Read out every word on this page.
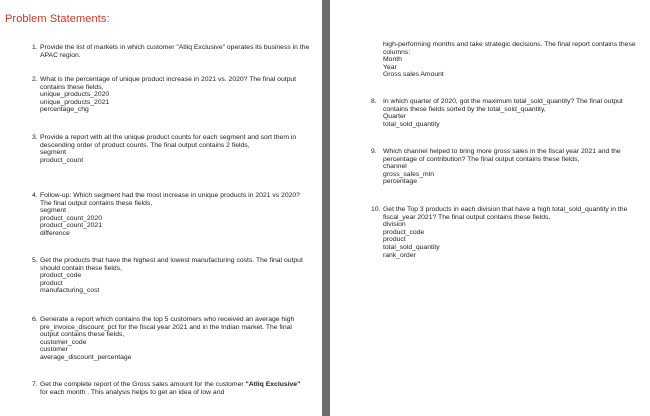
Problem Statements:
1. Provide the list of markets in which customer "Atliq Exclusive" operates its business in the APAC region.
2. What is the percentage of unique product increase in 2021 vs. 2020? The final output contains these fields,
unique_products_2020
unique_products_2021
percentage_chg
3. Provide a report with all the unique product counts for each segment and sort them in descending order of product counts. The final output contains 2 fields,
segment
product_count
4. Follow-up: Which segment had the most increase in unique products in 2021 vs 2020? The final output contains these fields,
segment
product_count_2020
product_count_2021
difference
5. Get the products that have the highest and lowest manufacturing costs. The final output should contain these fields,
product_code
product
manufacturing_cost
6. Generate a report which contains the top 5 customers who received an average high pre_invoice_discount_pct for the fiscal year 2021 and in the Indian market. The final output contains these fields,
customer_code
customer
average_discount_percentage
7. Get the complete report of the Gross sales amount for the customer "Atliq Exclusive" for each month . This analysis helps to get an idea of low and
high-performing months and take strategic decisions. The final report contains these columns:
Month
Year
Gross sales Amount
8. In which quarter of 2020, got the maximum total_sold_quantity? The final output contains these fields sorted by the total_sold_quantity,
Quarter
total_sold_quantity
9. Which channel helped to bring more gross sales in the fiscal year 2021 and the percentage of contribution? The final output contains these fields,
channel
gross_sales_mln
percentage
10. Get the Top 3 products in each division that have a high total_sold_quantity in the fiscal_year 2021? The final output contains these fields,
division
product_code
product
total_sold_quantity
rank_order
